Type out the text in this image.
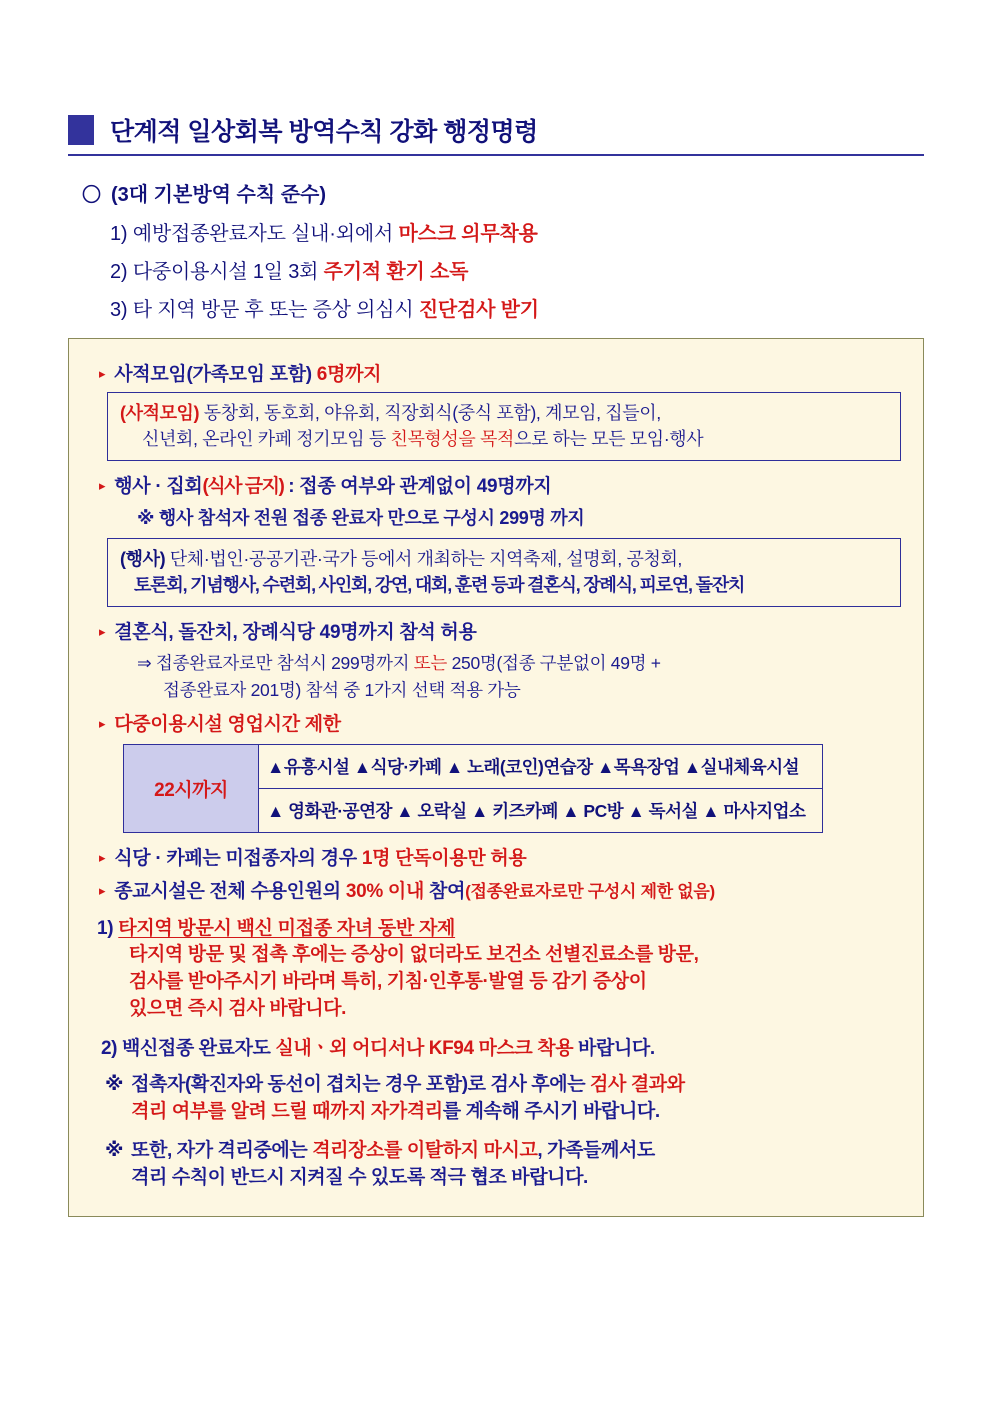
단계적 일상회복 방역수칙 강화 행정명령
〇 (3대 기본방역 수칙 준수)
1) 예방접종완료자도 실내·외에서 마스크 의무착용
2) 다중이용시설 1일 3회 주기적 환기 소독
3) 타 지역 방문 후 또는 증상 의심시 진단검사 받기
▸ 사적모임(가족모임 포함) 6명까지
(사적모임) 동창회, 동호회, 야유회, 직장회식(중식 포함), 계모임, 집들이,
신년회, 온라인 카페 정기모임 등 친목형성을 목적으로 하는 모든 모임·행사
▸ 행사 · 집회(식사 금지) : 접종 여부와 관계없이 49명까지
※ 행사 참석자 전원 접종 완료자 만으로 구성시 299명 까지
(행사) 단체·법인·공공기관·국가 등에서 개최하는 지역축제, 설명회, 공청회,
토론회, 기념행사, 수련회, 사인회, 강연, 대회, 훈련 등과 결혼식, 장례식, 피로연, 돌잔치
▸ 결혼식, 돌잔치, 장례식당 49명까지 참석 허용
⇒ 접종완료자로만 참석시 299명까지 또는 250명(접종 구분없이 49명 +
접종완료자 201명) 참석 중 1가지 선택 적용 가능
▸ 다중이용시설 영업시간 제한
22시까지	▲유흥시설 ▲식당·카페 ▲ 노래(코인)연습장 ▲목욕장업 ▲실내체육시설
▲ 영화관·공연장 ▲ 오락실 ▲ 키즈카페 ▲ PC방 ▲ 독서실 ▲ 마사지업소
▸ 식당 · 카페는 미접종자의 경우 1명 단독이용만 허용
▸ 종교시설은 전체 수용인원의 30% 이내 참여(접종완료자로만 구성시 제한 없음)
1) 타지역 방문시 백신 미접종 자녀 동반 자제
타지역 방문 및 접촉 후에는 증상이 없더라도 보건소 선별진료소를 방문,
검사를 받아주시기 바라며 특히, 기침·인후통·발열 등 감기 증상이
있으면 즉시 검사 바랍니다.
2) 백신접종 완료자도 실내ㆍ외 어디서나 KF94 마스크 착용 바랍니다.
※ 접촉자(확진자와 동선이 겹치는 경우 포함)로 검사 후에는 검사 결과와
격리 여부를 알려 드릴 때까지 자가격리를 계속해 주시기 바랍니다.
※ 또한, 자가 격리중에는 격리장소를 이탈하지 마시고, 가족들께서도
격리 수칙이 반드시 지켜질 수 있도록 적극 협조 바랍니다.
